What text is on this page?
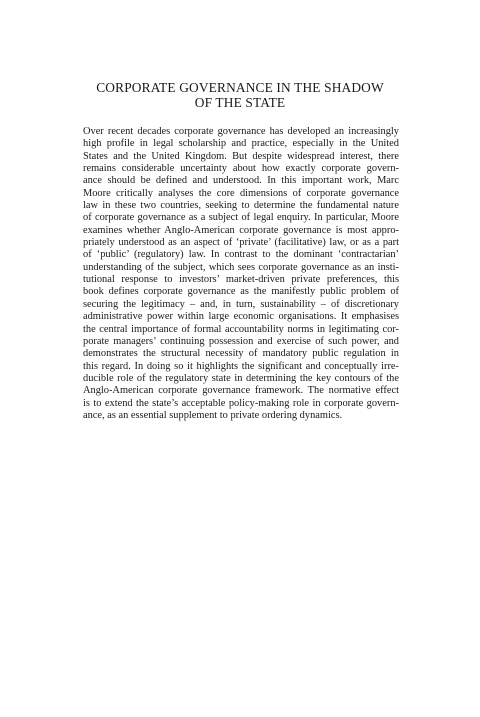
CORPORATE GOVERNANCE IN THE SHADOW
OF THE STATE
Over recent decades corporate governance has developed an increasingly
high profile in legal scholarship and practice, especially in the United
States and the United Kingdom. But despite widespread interest, there
remains considerable uncertainty about how exactly corporate govern-
ance should be defined and understood. In this important work, Marc
Moore critically analyses the core dimensions of corporate governance
law in these two countries, seeking to determine the fundamental nature
of corporate governance as a subject of legal enquiry. In particular, Moore
examines whether Anglo-American corporate governance is most appro-
priately understood as an aspect of ‘private’ (facilitative) law, or as a part
of ‘public’ (regulatory) law. In contrast to the dominant ‘contractarian’
understanding of the subject, which sees corporate governance as an insti-
tutional response to investors’ market-driven private preferences, this
book defines corporate governance as the manifestly public problem of
securing the legitimacy – and, in turn, sustainability – of discretionary
administrative power within large economic organisations. It emphasises
the central importance of formal accountability norms in legitimating cor-
porate managers’ continuing possession and exercise of such power, and
demonstrates the structural necessity of mandatory public regulation in
this regard. In doing so it highlights the significant and conceptually irre-
ducible role of the regulatory state in determining the key contours of the
Anglo-American corporate governance framework. The normative effect
is to extend the state’s acceptable policy-making role in corporate govern-
ance, as an essential supplement to private ordering dynamics.
